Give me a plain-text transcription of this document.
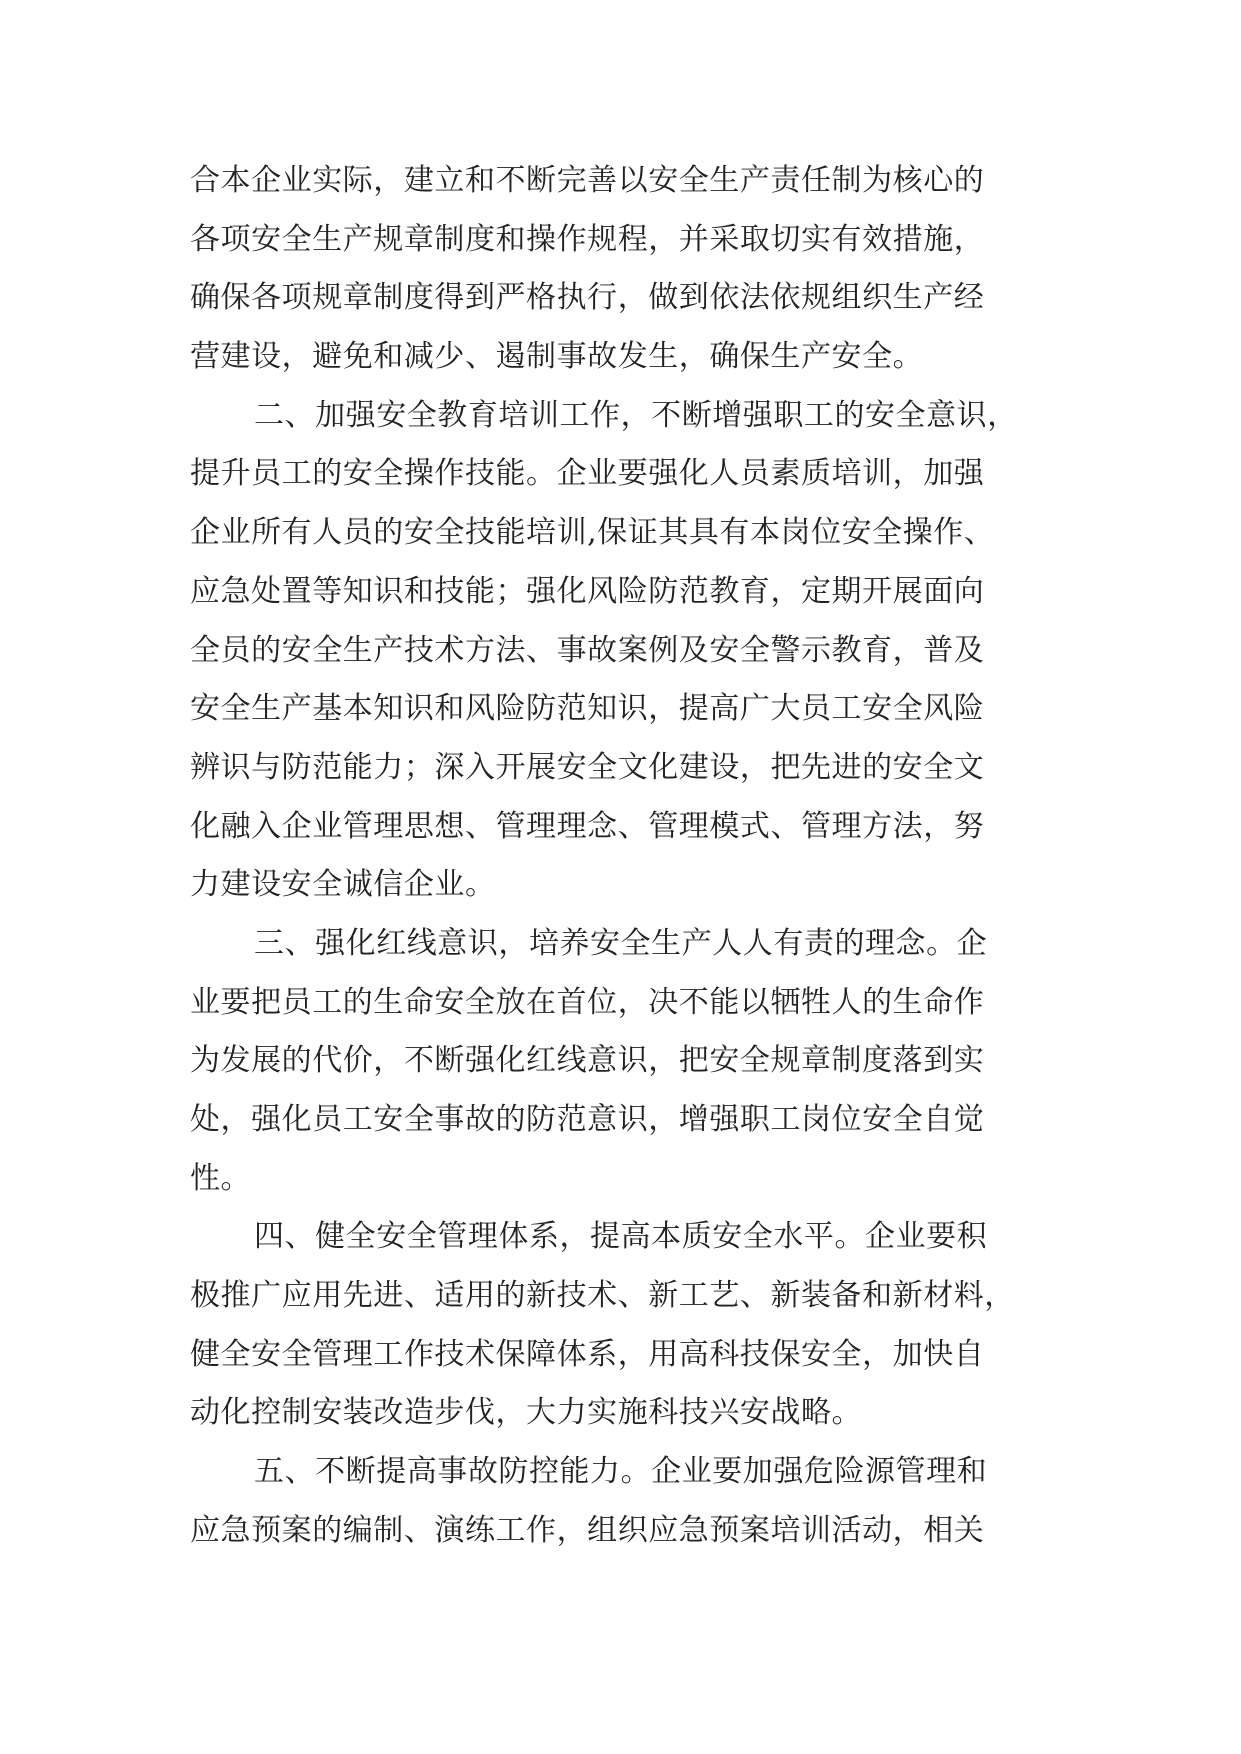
合本企业实际，建立和不断完善以安全生产责任制为核心的
各项安全生产规章制度和操作规程，并采取切实有效措施，
确保各项规章制度得到严格执行，做到依法依规组织生产经
营建设，避免和减少、遏制事故发生，确保生产安全。
二、加强安全教育培训工作，不断增强职工的安全意识，
提升员工的安全操作技能。企业要强化人员素质培训，加强
企业所有人员的安全技能培训,保证其具有本岗位安全操作、
应急处置等知识和技能；强化风险防范教育，定期开展面向
全员的安全生产技术方法、事故案例及安全警示教育，普及
安全生产基本知识和风险防范知识，提高广大员工安全风险
辨识与防范能力；深入开展安全文化建设，把先进的安全文
化融入企业管理思想、管理理念、管理模式、管理方法，努
力建设安全诚信企业。
三、强化红线意识，培养安全生产人人有责的理念。企
业要把员工的生命安全放在首位，决不能以牺牲人的生命作
为发展的代价，不断强化红线意识，把安全规章制度落到实
处，强化员工安全事故的防范意识，增强职工岗位安全自觉
性。
四、健全安全管理体系，提高本质安全水平。企业要积
极推广应用先进、适用的新技术、新工艺、新装备和新材料，
健全安全管理工作技术保障体系，用高科技保安全，加快自
动化控制安装改造步伐，大力实施科技兴安战略。
五、不断提高事故防控能力。企业要加强危险源管理和
应急预案的编制、演练工作，组织应急预案培训活动，相关
